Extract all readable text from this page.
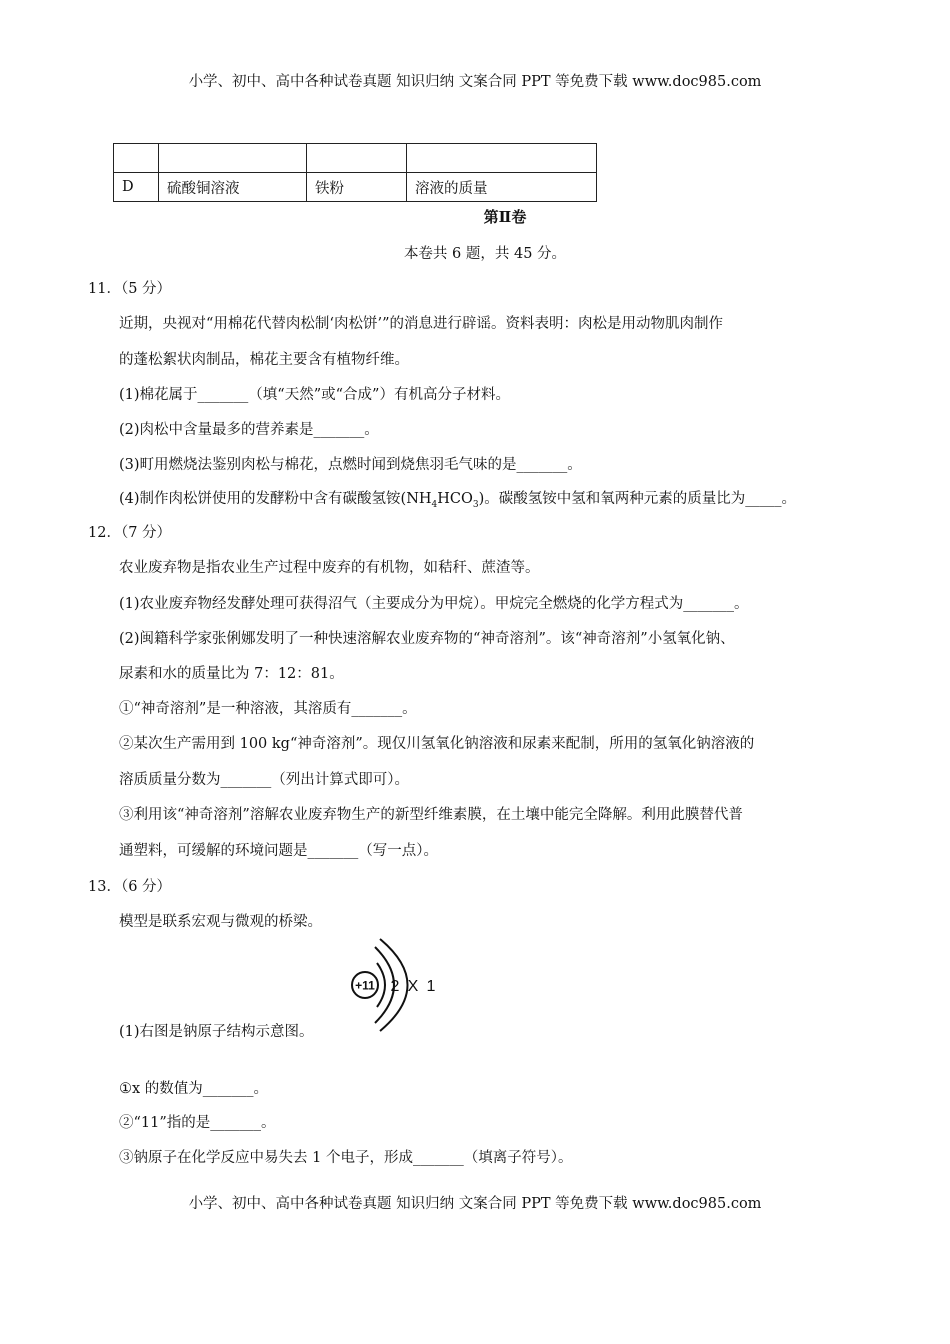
小学、初中、高中各种试卷真题 知识归纳 文案合同 PPT 等免费下载 www.doc985.com

D	硫酸铜溶液	铁粉	溶液的质量
第Ⅱ卷
本卷共 6 题，共 45 分。
11．（5 分）
近期，央视对“用棉花代替肉松制‘肉松饼’”的消息进行辟谣。资料表明：肉松是用动物肌肉制作
的蓬松絮状肉制品，棉花主要含有植物纤维。
(1)棉花属于_______（填“天然”或“合成”）有机高分子材料。
(2)肉松中含量最多的营养素是_______。
(3)町用燃烧法鉴别肉松与棉花，点燃时闻到烧焦羽毛气味的是_______。
(4)制作肉松饼使用的发酵粉中含有碳酸氢铵$(NH_4HCO_3)$。碳酸氢铵中氢和氧两种元素的质量比为_____。
12．（7 分）
农业废弃物是指农业生产过程中废弃的有机物，如秸秆、蔗渣等。
(1)农业废弃物经发酵处理可获得沼气（主要成分为甲烷）。甲烷完全燃烧的化学方程式为_______。
(2)闽籍科学家张俐娜发明了一种快速溶解农业废弃物的“神奇溶剂”。该“神奇溶剂”小氢氧化钠、
尿素和水的质量比为 7：12：81。
①“神奇溶剂”是一种溶液，其溶质有_______。
②某次生产需用到 100 kg“神奇溶剂”。现仅川氢氧化钠溶液和尿素来配制，所用的氢氧化钠溶液的
溶质质量分数为_______（列出计算式即可）。
③利用该“神奇溶剂”溶解农业废弃物生产的新型纤维素膜，在土壤中能完全降解。利用此膜替代普
通塑料，可缓解的环境问题是_______（写一点）。
13．（6 分）
模型是联系宏观与微观的桥梁。
(1)右图是钠原子结构示意图。
+11 2 X 1
①x 的数值为_______。
②“11”指的是_______。
③钠原子在化学反应中易失去 1 个电子，形成_______（填离子符号）。
小学、初中、高中各种试卷真题 知识归纳 文案合同 PPT 等免费下载 www.doc985.com
